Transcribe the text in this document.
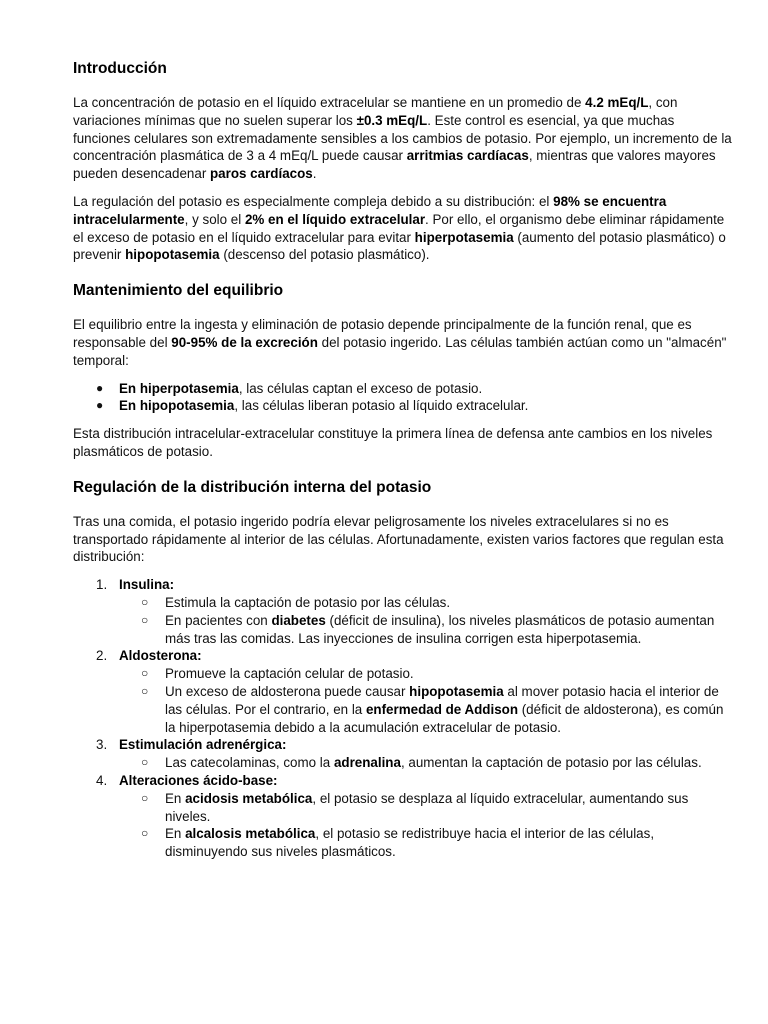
Introducción

La concentración de potasio en el líquido extracelular se mantiene en un promedio de 4.2 mEq/L, con variaciones mínimas que no suelen superar los ±0.3 mEq/L. Este control es esencial, ya que muchas funciones celulares son extremadamente sensibles a los cambios de potasio. Por ejemplo, un incremento de la concentración plasmática de 3 a 4 mEq/L puede causar arritmias cardíacas, mientras que valores mayores pueden desencadenar paros cardíacos.

La regulación del potasio es especialmente compleja debido a su distribución: el 98% se encuentra intracelularmente, y solo el 2% en el líquido extracelular. Por ello, el organismo debe eliminar rápidamente el exceso de potasio en el líquido extracelular para evitar hiperpotasemia (aumento del potasio plasmático) o prevenir hipopotasemia (descenso del potasio plasmático).

Mantenimiento del equilibrio

El equilibrio entre la ingesta y eliminación de potasio depende principalmente de la función renal, que es responsable del 90-95% de la excreción del potasio ingerido. Las células también actúan como un "almacén" temporal:

● En hiperpotasemia, las células captan el exceso de potasio.
● En hipopotasemia, las células liberan potasio al líquido extracelular.

Esta distribución intracelular-extracelular constituye la primera línea de defensa ante cambios en los niveles plasmáticos de potasio.

Regulación de la distribución interna del potasio

Tras una comida, el potasio ingerido podría elevar peligrosamente los niveles extracelulares si no es transportado rápidamente al interior de las células. Afortunadamente, existen varios factores que regulan esta distribución:

1. Insulina:
○ Estimula la captación de potasio por las células.
○ En pacientes con diabetes (déficit de insulina), los niveles plasmáticos de potasio aumentan más tras las comidas. Las inyecciones de insulina corrigen esta hiperpotasemia.
2. Aldosterona:
○ Promueve la captación celular de potasio.
○ Un exceso de aldosterona puede causar hipopotasemia al mover potasio hacia el interior de las células. Por el contrario, en la enfermedad de Addison (déficit de aldosterona), es común la hiperpotasemia debido a la acumulación extracelular de potasio.
3. Estimulación adrenérgica:
○ Las catecolaminas, como la adrenalina, aumentan la captación de potasio por las células.
4. Alteraciones ácido-base:
○ En acidosis metabólica, el potasio se desplaza al líquido extracelular, aumentando sus niveles.
○ En alcalosis metabólica, el potasio se redistribuye hacia el interior de las células, disminuyendo sus niveles plasmáticos.
